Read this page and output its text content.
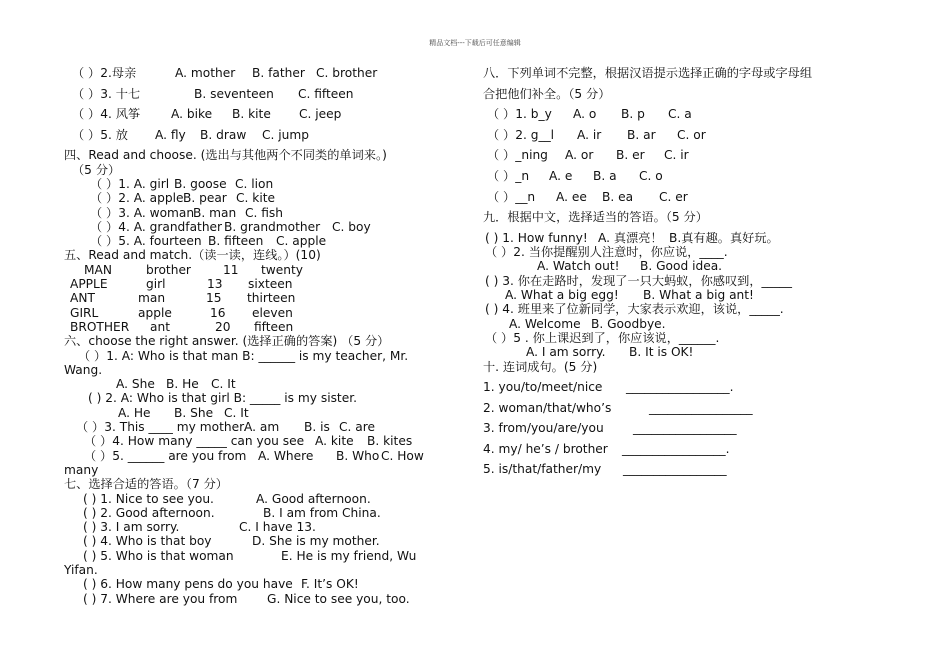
精品文档---下载后可任意编辑
（ ）2.母亲	A. mother B. father C. brother
（ ）3. 十七	B. seventeen C. fifteen
（ ）4. 风筝	A. bike B. kite C. jeep
（ ）5. 放 A. fly B. draw C. jump
四、Read and choose. (选出与其他两个不同类的单词来。)
（5 分）
（ ）1. A. girl B. goose C. lion
（ ）2. A. apple B. pear C. kite
（ ）3. A. woman
B. man C. fish
（ ）4. A. grandfather B. grandmother C. boy
（ ）5. A. fourteen B. fifteen C. apple
五、Read and match.（读一读，连线。）(10)
MAN	brother	11 twenty
APPLE	girl	13 sixteen
ANT	man	15 thirteen
GIRL	apple	16 eleven
BROTHER ant	20 fifteen
六、choose the right answer. (选择正确的答案) （5 分）
（ ）1. A: Who is that man B: ______ is my teacher, Mr.
Wang.
A. She B. He C. It
( ) 2. A: Who is that girl B: _____ is my sister.
A. He B. She C. It
（ ）3. This ____ my mother.
A. am B. is C. are
（ ）4. How many _____ can you see A. kite B. kites
（ ）5. ______ are you from A. Where B. Who C. How
many
七、选择合适的答语。（7 分）
( ) 1. Nice to see you.	A. Good afternoon.
( ) 2. Good afternoon.	B. I am from China.
( ) 3. I am sorry.	C. I have 13.
( ) 4. Who is that boy	D. She is my mother.
( ) 5. Who is that woman	E. He is my friend, Wu
Yifan.
( ) 6. How many pens do you have F. It’s OK!
( ) 7. Where are you from G. Nice to see you, too.
八．下列单词不完整，根据汉语提示选择正确的字母或字母组
合把他们补全。（5 分）
（ ）1. b_y A. o B. p C. a
（ ）2. g__l A. ir B. ar C. or
（ ）_ning A. or B. er C. ir
（ ）_n A. e B. a C. o
（ ）__n A. ee B. ea C. er
九．根据中文，选择适当的答语。（5 分）
( ) 1. How funny! A. 真漂亮！ B.真有趣。真好玩。
（ ）2. 当你提醒别人注意时，你应说，____.
A. Watch out! B. Good idea.
( ) 3. 你在走路时，发现了一只大蚂蚁，你感叹到，_____
A. What a big egg! B. What a big ant!
( ) 4. 班里来了位新同学，大家表示欢迎，该说，_____.
A. Welcome B. Goodbye.
（ ）5 . 你上课迟到了，你应该说，______.
A. I am sorry. B. It is OK!
十. 连词成句。(5 分)
1. you/to/meet/nice _________________.
2. woman/that/who’s	_________________
3. from/you/are/you _________________
4. my/ he’s / brother _________________.
5. is/that/father/my _________________
